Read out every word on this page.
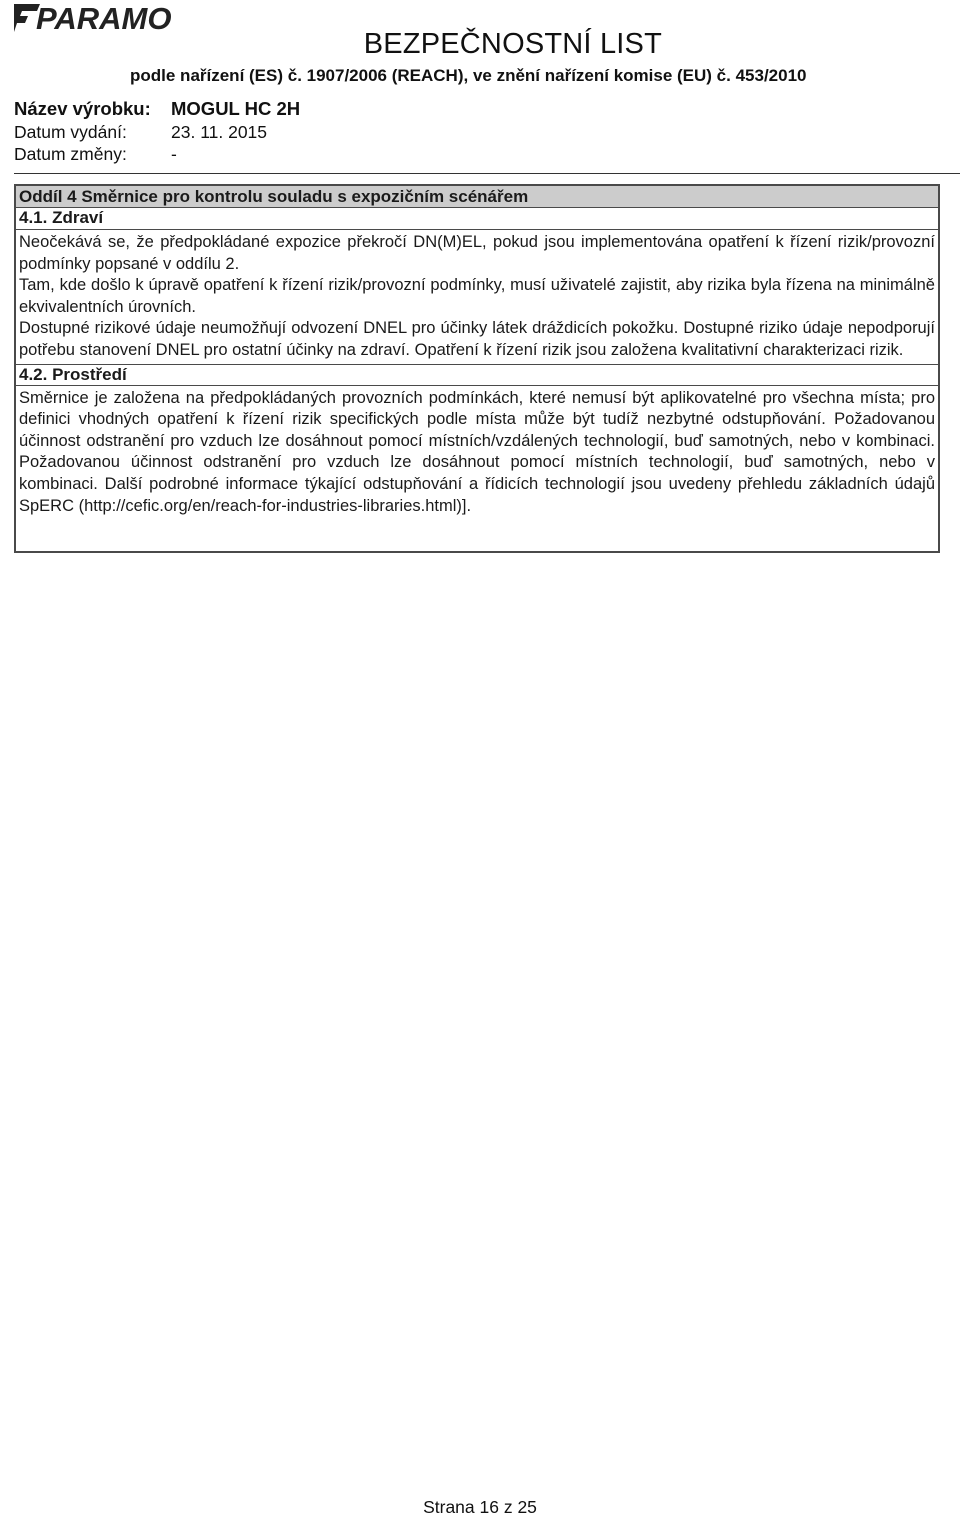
PARAMO
BEZPEČNOSTNÍ LIST
podle nařízení (ES) č. 1907/2006 (REACH), ve znění nařízení komise (EU) č. 453/2010
Název výrobku: MOGUL HC 2H
Datum vydání:	23. 11. 2015
Datum změny:	-
Oddíl 4 Směrnice pro kontrolu souladu s expozičním scénářem
4.1. Zdraví

Neočekává se, že předpokládané expozice překročí DN(M)EL, pokud jsou implementována opatření k řízení rizik/provozní podmínky popsané v oddílu 2.

Tam, kde došlo k úpravě opatření k řízení rizik/provozní podmínky, musí uživatelé zajistit, aby rizika byla řízena na minimálně ekvivalentních úrovních.

Dostupné rizikové údaje neumožňují odvození DNEL pro účinky látek dráždicích pokožku. Dostupné riziko údaje nepodporují potřebu stanovení DNEL pro ostatní účinky na zdraví. Opatření k řízení rizik jsou založena kvalitativní charakterizaci rizik.

4.2. Prostředí

Směrnice je založena na předpokládaných provozních podmínkách, které nemusí být aplikovatelné pro všechna místa; pro definici vhodných opatření k řízení rizik specifických podle místa může být tudíž nezbytné odstupňování. Požadovanou účinnost odstranění pro vzduch lze dosáhnout pomocí místních/vzdálených technologií, buď samotných, nebo v kombinaci. Požadovanou účinnost odstranění pro vzduch lze dosáhnout pomocí místních technologií, buď samotných, nebo v kombinaci. Další podrobné informace týkající odstupňování a řídicích technologií jsou uvedeny přehledu základních údajů SpERC (http://cefic.org/en/reach-for-industries-libraries.html)].

Strana 16 z 25
